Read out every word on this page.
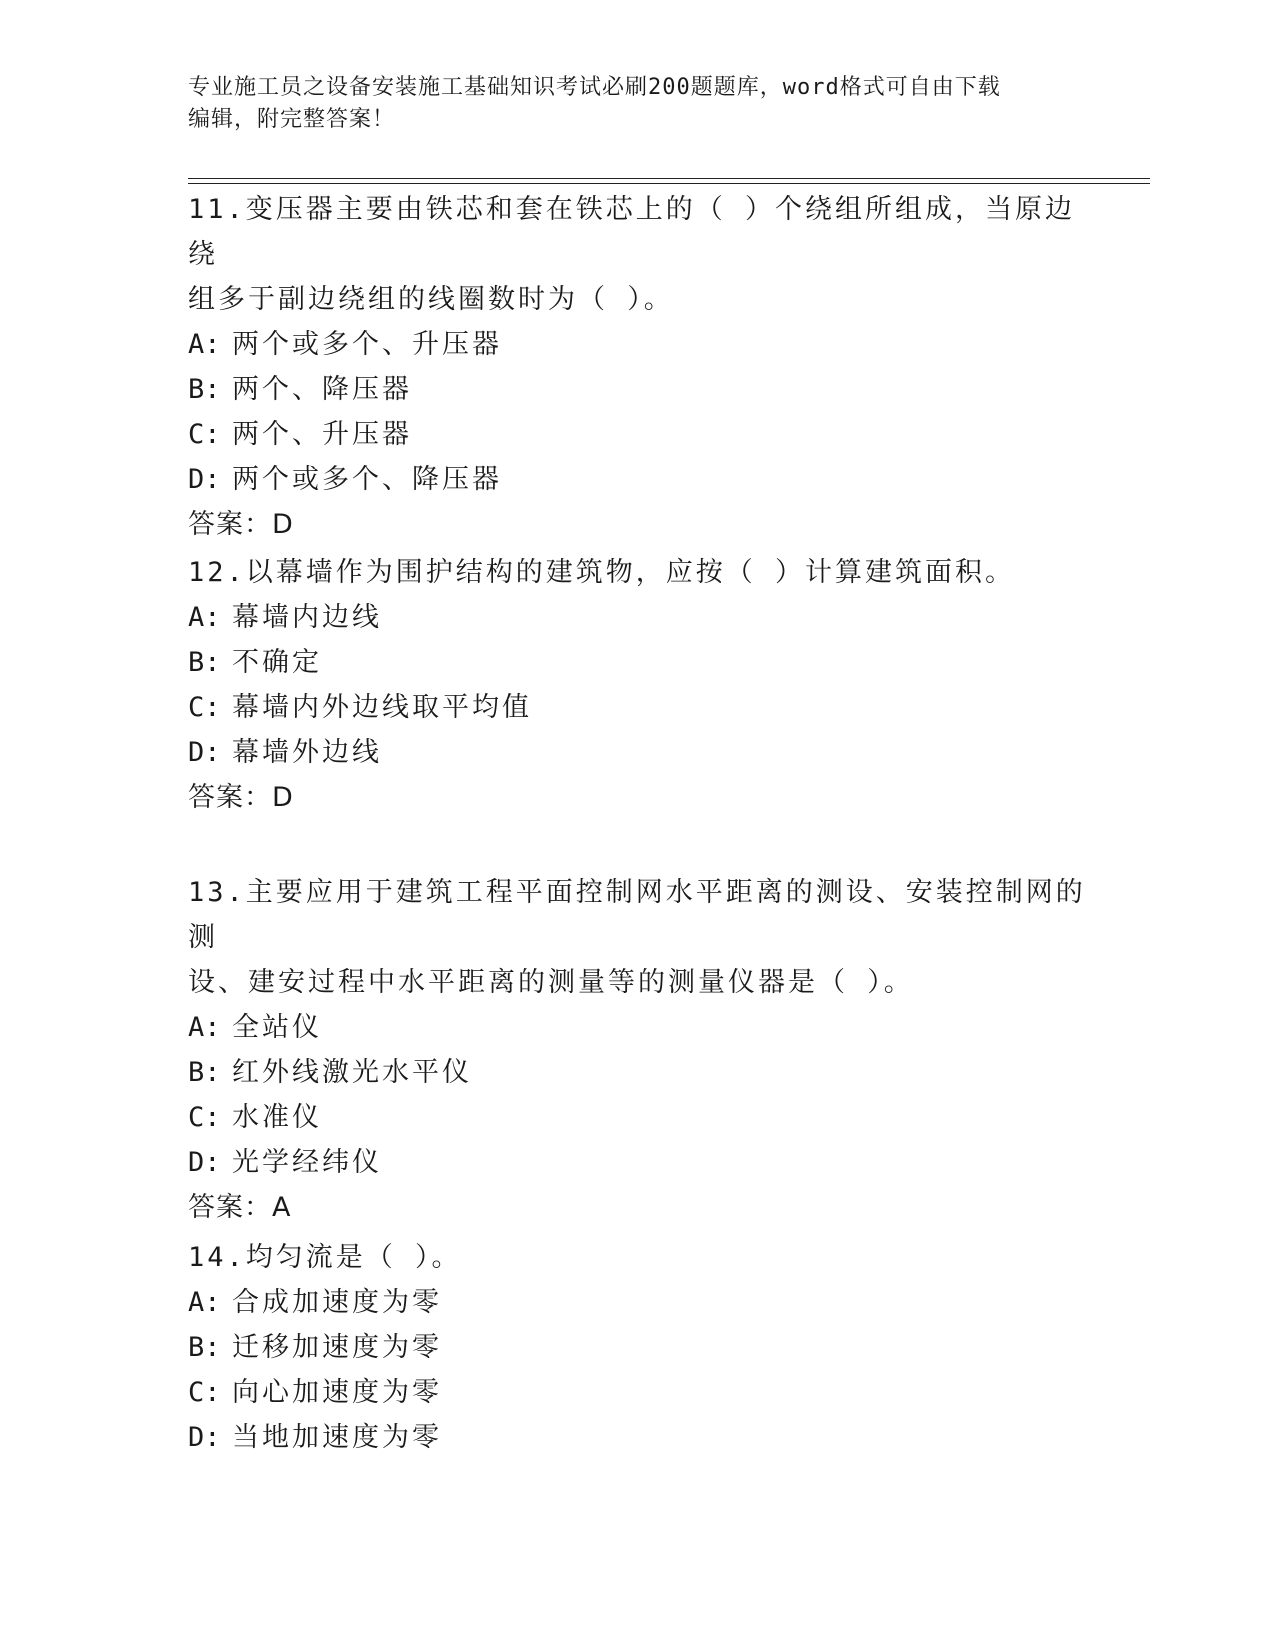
专业施工员之设备安装施工基础知识考试必刷200题题库，word格式可自由下载
编辑，附完整答案！

11.变压器主要由铁芯和套在铁芯上的（ ）个绕组所组成，当原边绕

组多于副边绕组的线圈数时为（ ）。

A: 两个或多个、升压器

B: 两个、降压器

C: 两个、升压器

D: 两个或多个、降压器

答案：D

12.以幕墙作为围护结构的建筑物，应按（ ）计算建筑面积。

A: 幕墙内边线

B: 不确定

C: 幕墙内外边线取平均值

D: 幕墙外边线

答案：D

13.主要应用于建筑工程平面控制网水平距离的测设、安装控制网的测

设、建安过程中水平距离的测量等的测量仪器是（ ）。

A: 全站仪

B: 红外线激光水平仪

C: 水准仪

D: 光学经纬仪

答案：A

14.均匀流是（ ）。

A: 合成加速度为零

B: 迁移加速度为零

C: 向心加速度为零

D: 当地加速度为零
